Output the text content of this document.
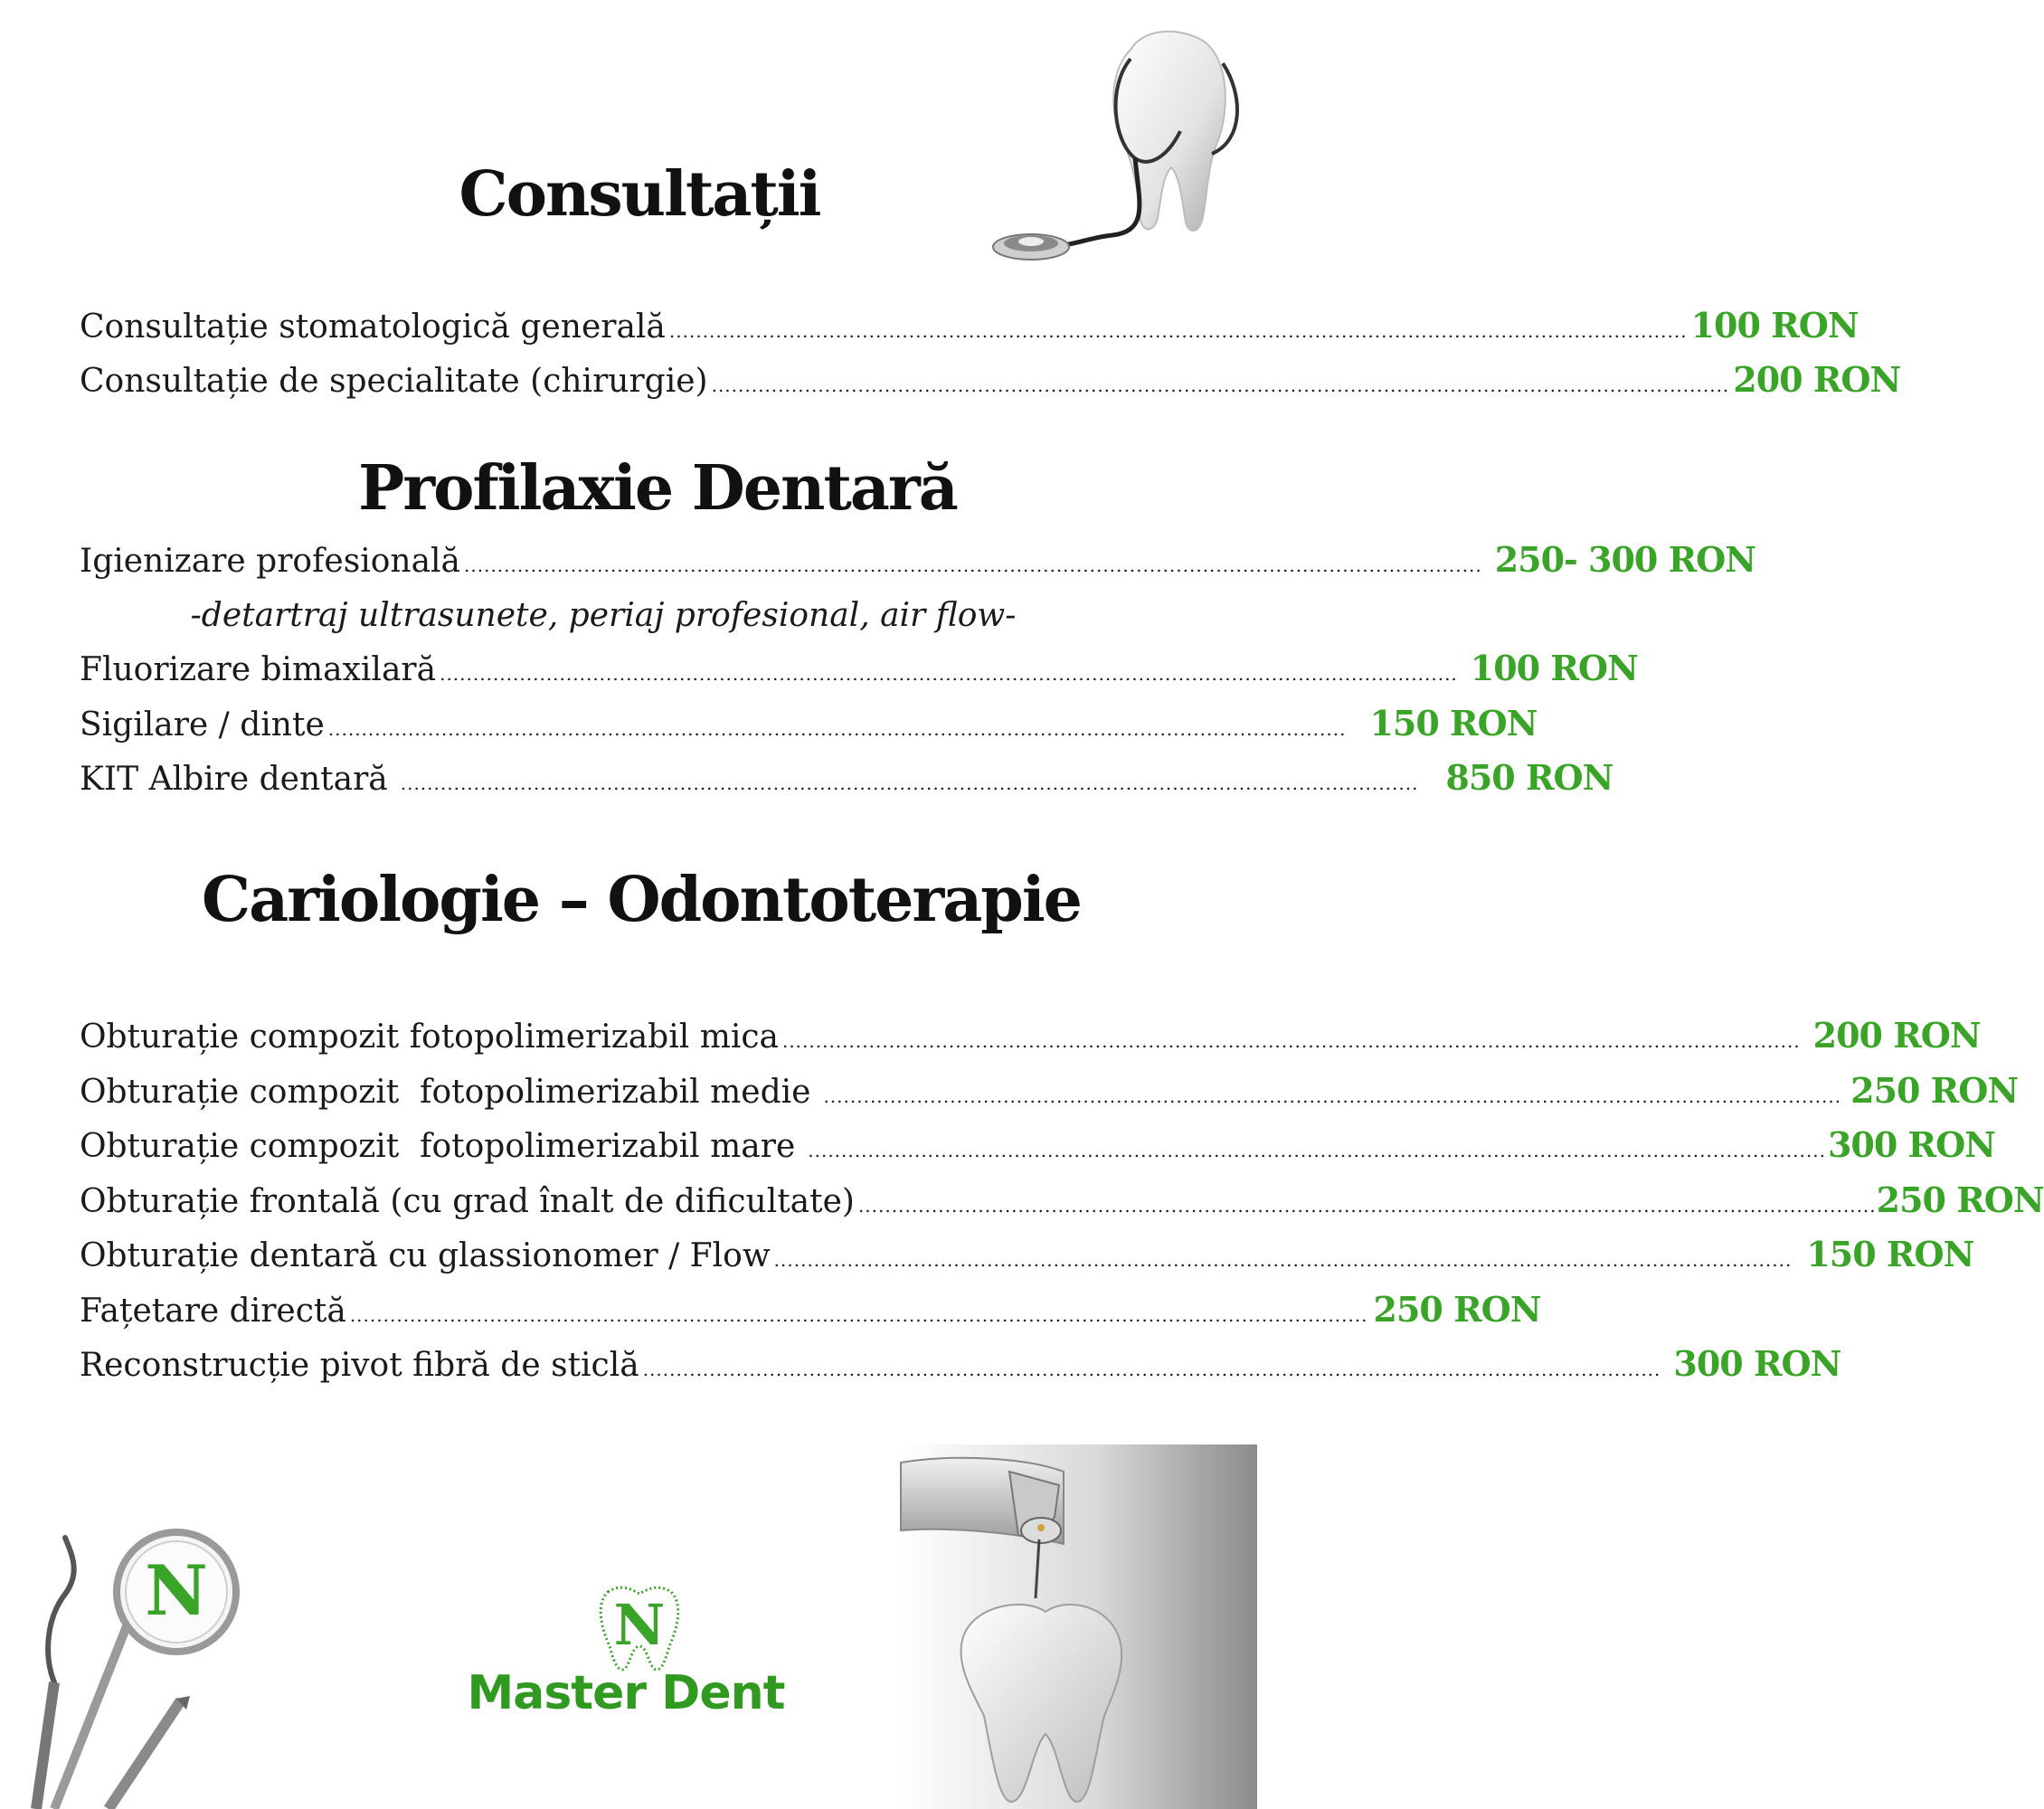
Consultații
Consultație stomatologică generală ......................................................................................................................................................... 100 RON
Consultație de specialitate (chirurgie) ......................................................................................................................................................... 200 RON
Profilaxie Dentară
Igienizare profesională ......................................................................................................................................................... 250- 300 RON
-detartraj ultrasunete, periaj profesional, air flow-
Fluorizare bimaxilară ......................................................................................................................................................... 100 RON
Sigilare / dinte ......................................................................................................................................................... 150 RON
KIT Albire dentară ......................................................................................................................................................... 850 RON
Cariologie – Odontoterapie
Obturație compozit fotopolimerizabil mica ......................................................................................................................................................... 200 RON
Obturație compozit  fotopolimerizabil medie ......................................................................................................................................................... 250 RON
Obturație compozit  fotopolimerizabil mare ......................................................................................................................................................... 300 RON
Obturație frontală (cu grad înalt de dificultate) ......................................................................................................................................................... 250 RON
Obturație dentară cu glassionomer / Flow ......................................................................................................................................................... 150 RON
Fațetare directă ......................................................................................................................................................... 250 RON
Reconstrucție pivot fibră de sticlă ......................................................................................................................................................... 300 RON
N	N
Master Dent
